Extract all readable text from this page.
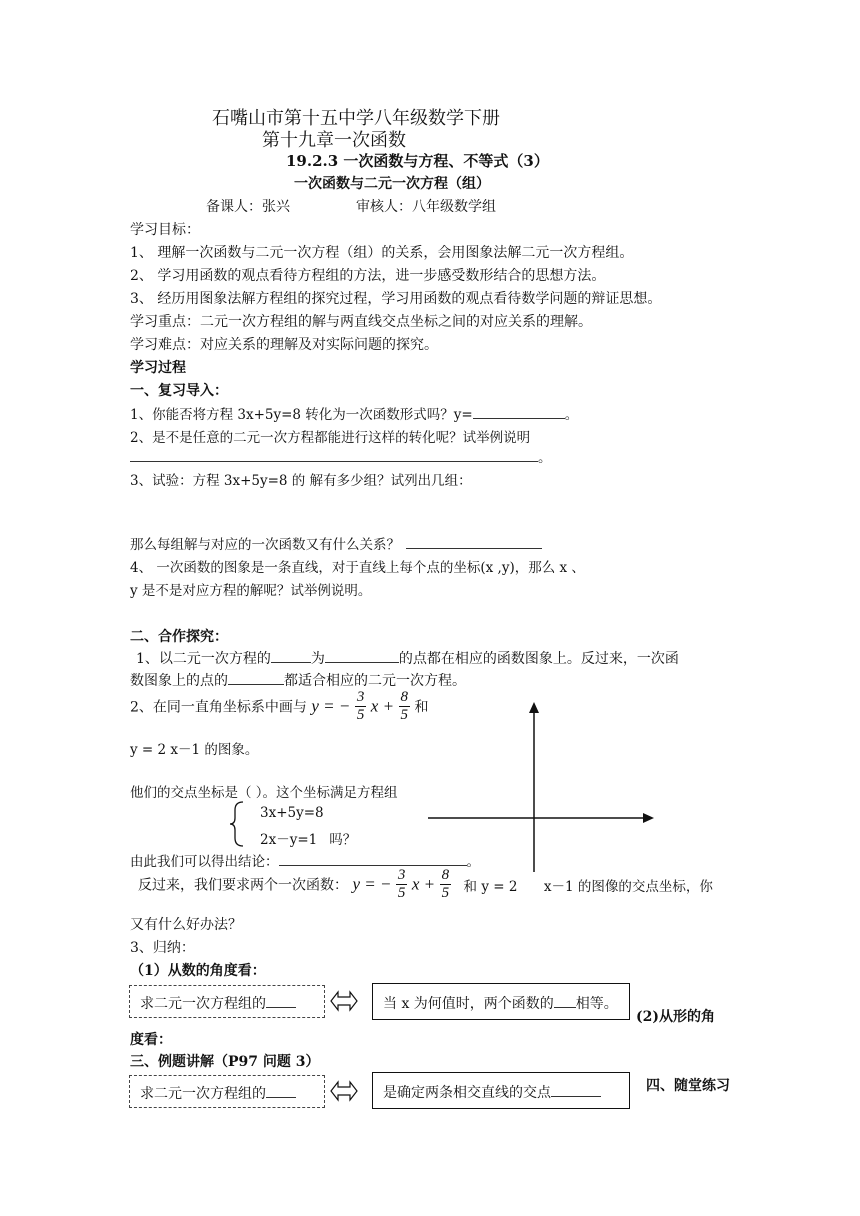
石嘴山市第十五中学八年级数学下册
第十九章一次函数
19.2.3 一次函数与方程、不等式（3）
一次函数与二元一次方程（组）
备课人：张兴	审核人：八年级数学组
学习目标：
1、 理解一次函数与二元一次方程（组）的关系，会用图象法解二元一次方程组。
2、 学习用函数的观点看待方程组的方法，进一步感受数形结合的思想方法。
3、 经历用图象法解方程组的探究过程，学习用函数的观点看待数学问题的辩证思想。
学习重点：二元一次方程组的解与两直线交点坐标之间的对应关系的理解。
学习难点：对应关系的理解及对实际问题的探究。
学习过程
一、复习导入：
1、你能否将方程 3x+5y=8 转化为一次函数形式吗？y=	。
2、是不是任意的二元一次方程都能进行这样的转化呢？试举例说明
。
3、试验：方程 3x+5y=8 的 解有多少组？试列出几组：
那么每组解与对应的一次函数又有什么关系？
4、 一次函数的图象是一条直线，对于直线上每个点的坐标(x ,y)，那么 x 、
y 是不是对应方程的解呢？试举例说明。
二、合作探究：
1、以二元一次方程的	为	的点都在相应的函数图象上。反过来，一次函
数图象上的点的	都适合相应的二元一次方程。
2、在同一直角坐标系中画与 y = − $\frac{3}{5}$ $x + \frac{8}{5}$ 和
y = 2 x－1 的图象。
他们的交点坐标是（ ）。这个坐标满足方程组
3x+5y=8
2x－y=1 吗？
由此我们可以得出结论：	。
反过来，我们要求两个一次函数： y = − $\frac{3}{5}$ $x + \frac{8}{5}$ 和 y = 2 x－1 的图像的交点坐标，你
又有什么好办法？
3、归纳：
（1）从数的角度看：
求二元一次方程组的	当 x 为何值时，两个函数的 相等。
(2)从形的角
度看：
三、例题讲解（P97 问题 3）
求二元一次方程组的	是确定两条相交直线的交点	四、随堂练习
